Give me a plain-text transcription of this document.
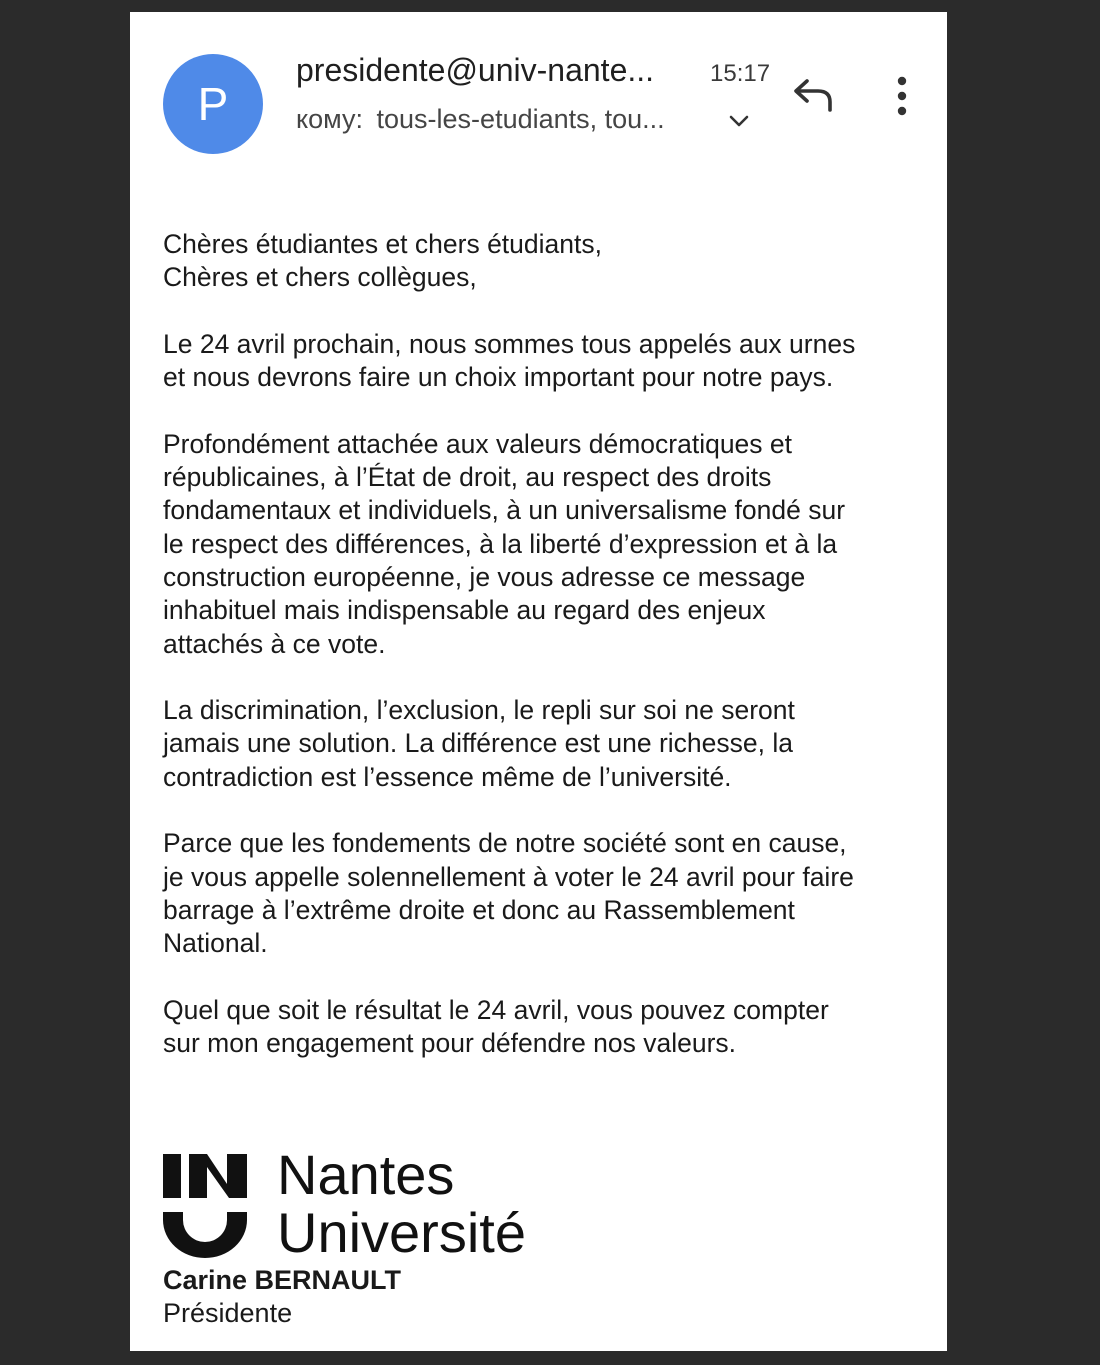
P
presidente@univ-nante... 15:17
кому: tous-les-etudiants, tou...

Chères étudiantes et chers étudiants,
Chères et chers collègues,

Le 24 avril prochain, nous sommes tous appelés aux urnes
et nous devrons faire un choix important pour notre pays.

Profondément attachée aux valeurs démocratiques et
républicaines, à l’État de droit, au respect des droits
fondamentaux et individuels, à un universalisme fondé sur
le respect des différences, à la liberté d’expression et à la
construction européenne, je vous adresse ce message
inhabituel mais indispensable au regard des enjeux
attachés à ce vote.

La discrimination, l’exclusion, le repli sur soi ne seront
jamais une solution. La différence est une richesse, la
contradiction est l’essence même de l’université.

Parce que les fondements de notre société sont en cause,
je vous appelle solennellement à voter le 24 avril pour faire
barrage à l’extrême droite et donc au Rassemblement
National.

Quel que soit le résultat le 24 avril, vous pouvez compter
sur mon engagement pour défendre nos valeurs.

Nantes
Université
Carine BERNAULT
Présidente
